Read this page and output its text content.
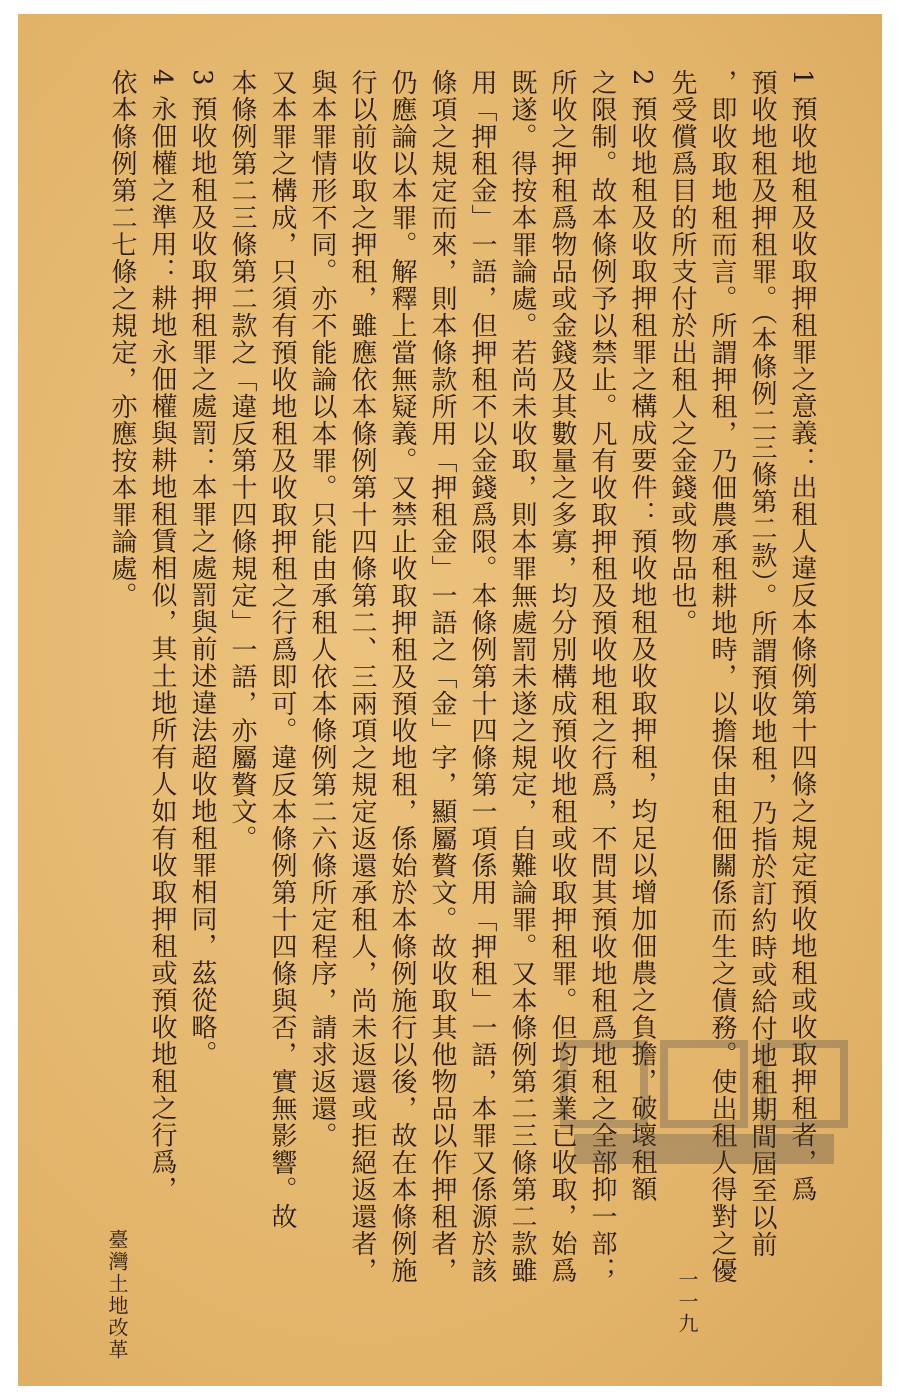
1 預收地租及收取押租罪之意義：出租人違反本條例第十四條之規定預收地租或收取押租者，爲
預收地租及押租罪。（本條例二三條第二款）。所謂預收地租，乃指於訂約時或給付地租期間屆至以前
，即收取地租而言。所謂押租，乃佃農承租耕地時，以擔保由租佃關係而生之債務。使出租人得對之優
先受償爲目的所支付於出租人之金錢或物品也。
2 預收地租及收取押租罪之構成要件：預收地租及收取押租，均足以增加佃農之負擔，破壞租額
之限制。故本條例予以禁止。凡有收取押租及預收地租之行爲，不問其預收地租爲地租之全部抑一部；
所收之押租爲物品或金錢及其數量之多寡，均分別構成預收地租或收取押租罪。但均須業已收取，始爲
既遂。得按本罪論處。若尚未收取，則本罪無處罰未遂之規定，自難論罪。又本條例第二三條第二款雖
用「押租金」一語，但押租不以金錢爲限。本條例第十四條第一項係用「押租」一語，本罪又係源於該
條項之規定而來，則本條款所用「押租金」一語之「金」字，顯屬贅文。故收取其他物品以作押租者，
仍應論以本罪。解釋上當無疑義。又禁止收取押租及預收地租，係始於本條例施行以後，故在本條例施
行以前收取之押租，雖應依本條例第十四條第二、三兩項之規定返還承租人，尚未返還或拒絕返還者，
與本罪情形不同。亦不能論以本罪。只能由承租人依本條例第二六條所定程序，請求返還。
又本罪之構成，只須有預收地租及收取押租之行爲即可。違反本條例第十四條與否，實無影響。故
本條例第二三條第二款之「違反第十四條規定」一語，亦屬贅文。
3 預收地租及收取押租罪之處罰：本罪之處罰與前述違法超收地租罪相同，茲從略。
4 永佃權之準用：耕地永佃權與耕地租賃相似，其土地所有人如有收取押租或預收地租之行爲，
依本條例第二七條之規定，亦應按本罪論處。
臺灣土地改革	一一九
